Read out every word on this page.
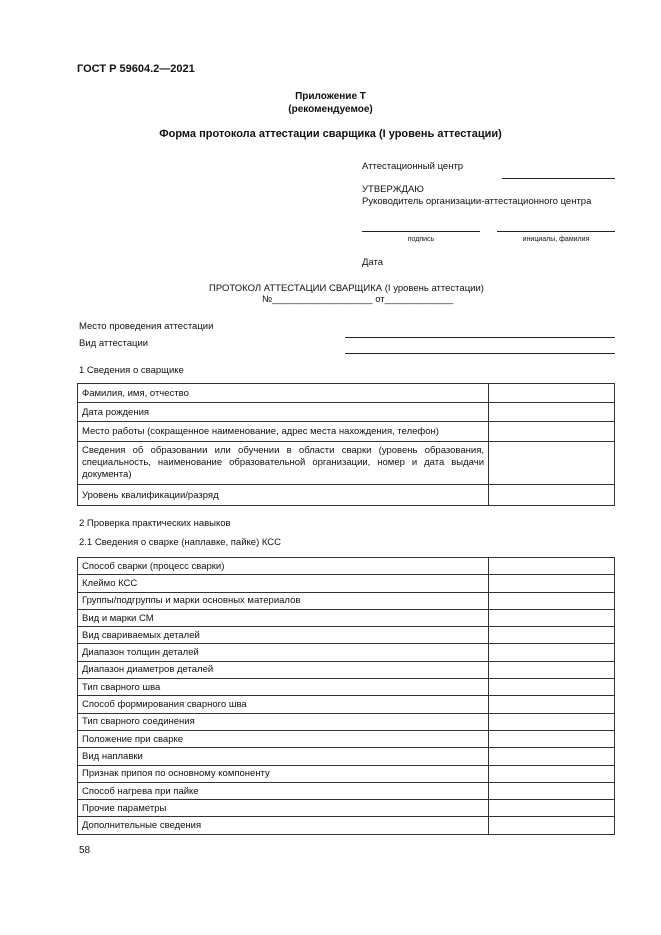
ГОСТ Р 59604.2—2021
Приложение Т
(рекомендуемое)
Форма протокола аттестации сварщика (I уровень аттестации)
Аттестационный центр
УТВЕРЖДАЮ
Руководитель организации-аттестационного центра
подпись	инициалы, фамилия
Дата
ПРОТОКОЛ АТТЕСТАЦИИ СВАРЩИКА (I уровень аттестации)
№___________________ от_____________
Место проведения аттестации
Вид аттестации
1 Сведения о сварщике
Фамилия, имя, отчество	
Дата рождения	
Место работы (сокращенное наименование, адрес места нахождения, телефон)	
Сведения об образовании или обучении в области сварки (уровень образования, специальность, наименование образовательной организации, номер и дата выдачи документа)	
Уровень квалификации/разряд	
2 Проверка практических навыков
2.1 Сведения о сварке (наплавке, пайке) КСС
Способ сварки (процесс сварки)	
Клеймо КСС	
Группы/подгруппы и марки основных материалов	
Вид и марки СМ	
Вид свариваемых деталей	
Диапазон толщин деталей	
Диапазон диаметров деталей	
Тип сварного шва	
Способ формирования сварного шва	
Тип сварного соединения	
Положение при сварке	
Вид наплавки	
Признак припоя по основному компоненту	
Способ нагрева при пайке	
Прочие параметры	
Дополнительные сведения	
58
